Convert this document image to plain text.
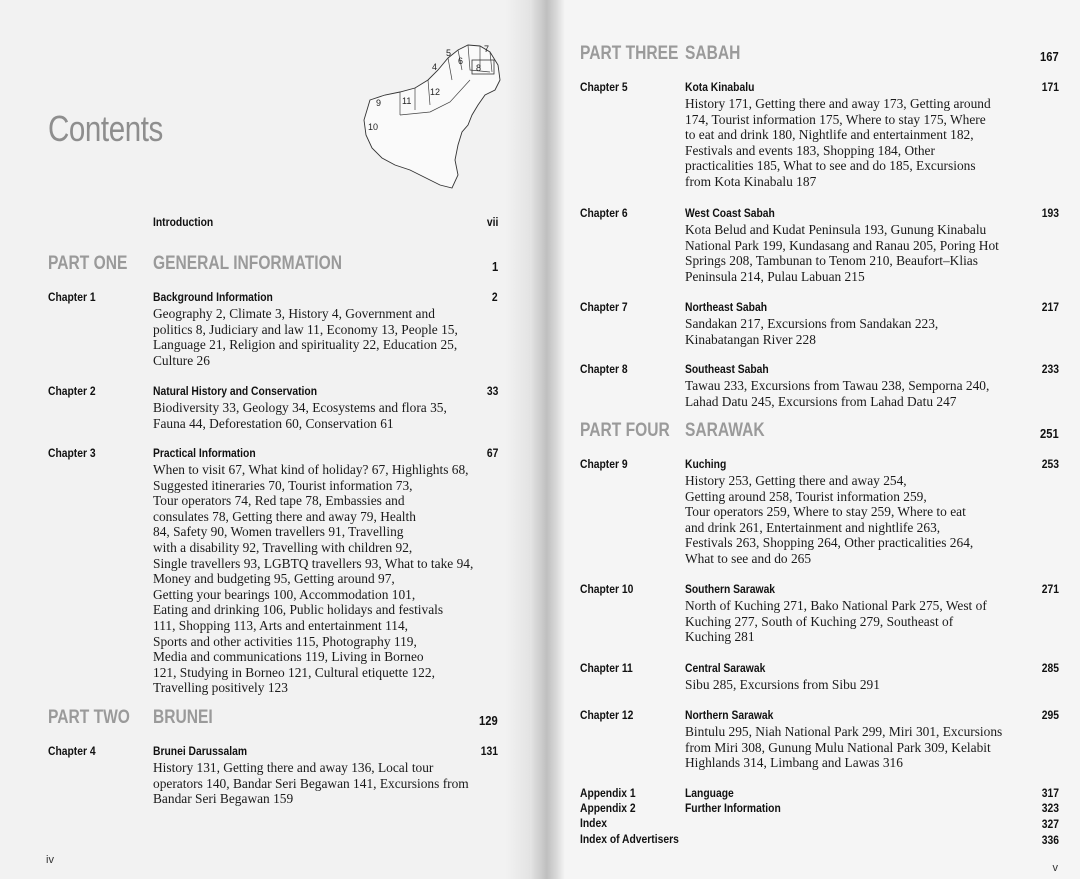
4
5
6
7
8
9
10
11
12
Contents
Introduction	vii
PART ONE GENERAL INFORMATION	1
Chapter 1	Background Information	2
Geography 2, Climate 3, History 4, Government and
politics 8, Judiciary and law 11, Economy 13, People 15,
Language 21, Religion and spirituality 22, Education 25,
Culture 26
Chapter 2	Natural History and Conservation	33
Biodiversity 33, Geology 34, Ecosystems and flora 35,
Fauna 44, Deforestation 60, Conservation 61
Chapter 3	Practical Information	67
When to visit 67, What kind of holiday? 67, Highlights 68,
Suggested itineraries 70, Tourist information 73,
Tour operators 74, Red tape 78, Embassies and
consulates 78, Getting there and away 79, Health
84, Safety 90, Women travellers 91, Travelling
with a disability 92, Travelling with children 92,
Single travellers 93, LGBTQ travellers 93, What to take 94,
Money and budgeting 95, Getting around 97,
Getting your bearings 100, Accommodation 101,
Eating and drinking 106, Public holidays and festivals
111, Shopping 113, Arts and entertainment 114,
Sports and other activities 115, Photography 119,
Media and communications 119, Living in Borneo
121, Studying in Borneo 121, Cultural etiquette 122,
Travelling positively 123
PART TWO BRUNEI	129
Chapter 4	Brunei Darussalam	131
History 131, Getting there and away 136, Local tour
operators 140, Bandar Seri Begawan 141, Excursions from
Bandar Seri Begawan 159
iv
PART THREE SABAH	167
Chapter 5	Kota Kinabalu	171
History 171, Getting there and away 173, Getting around
174, Tourist information 175, Where to stay 175, Where
to eat and drink 180, Nightlife and entertainment 182,
Festivals and events 183, Shopping 184, Other
practicalities 185, What to see and do 185, Excursions
from Kota Kinabalu 187
Chapter 6	West Coast Sabah	193
Kota Belud and Kudat Peninsula 193, Gunung Kinabalu
National Park 199, Kundasang and Ranau 205, Poring Hot
Springs 208, Tambunan to Tenom 210, Beaufort–Klias
Peninsula 214, Pulau Labuan 215
Chapter 7	Northeast Sabah	217
Sandakan 217, Excursions from Sandakan 223,
Kinabatangan River 228
Chapter 8	Southeast Sabah	233
Tawau 233, Excursions from Tawau 238, Semporna 240,
Lahad Datu 245, Excursions from Lahad Datu 247
PART FOUR SARAWAK	251
Chapter 9	Kuching	253
History 253, Getting there and away 254,
Getting around 258, Tourist information 259,
Tour operators 259, Where to stay 259, Where to eat
and drink 261, Entertainment and nightlife 263,
Festivals 263, Shopping 264, Other practicalities 264,
What to see and do 265
Chapter 10	Southern Sarawak	271
North of Kuching 271, Bako National Park 275, West of
Kuching 277, South of Kuching 279, Southeast of
Kuching 281
Chapter 11	Central Sarawak	285
Sibu 285, Excursions from Sibu 291
Chapter 12	Northern Sarawak	295
Bintulu 295, Niah National Park 299, Miri 301, Excursions
from Miri 308, Gunung Mulu National Park 309, Kelabit
Highlands 314, Limbang and Lawas 316
Appendix 1	Language	317
Appendix 2	Further Information	323
Index	327
Index of Advertisers	336
v
